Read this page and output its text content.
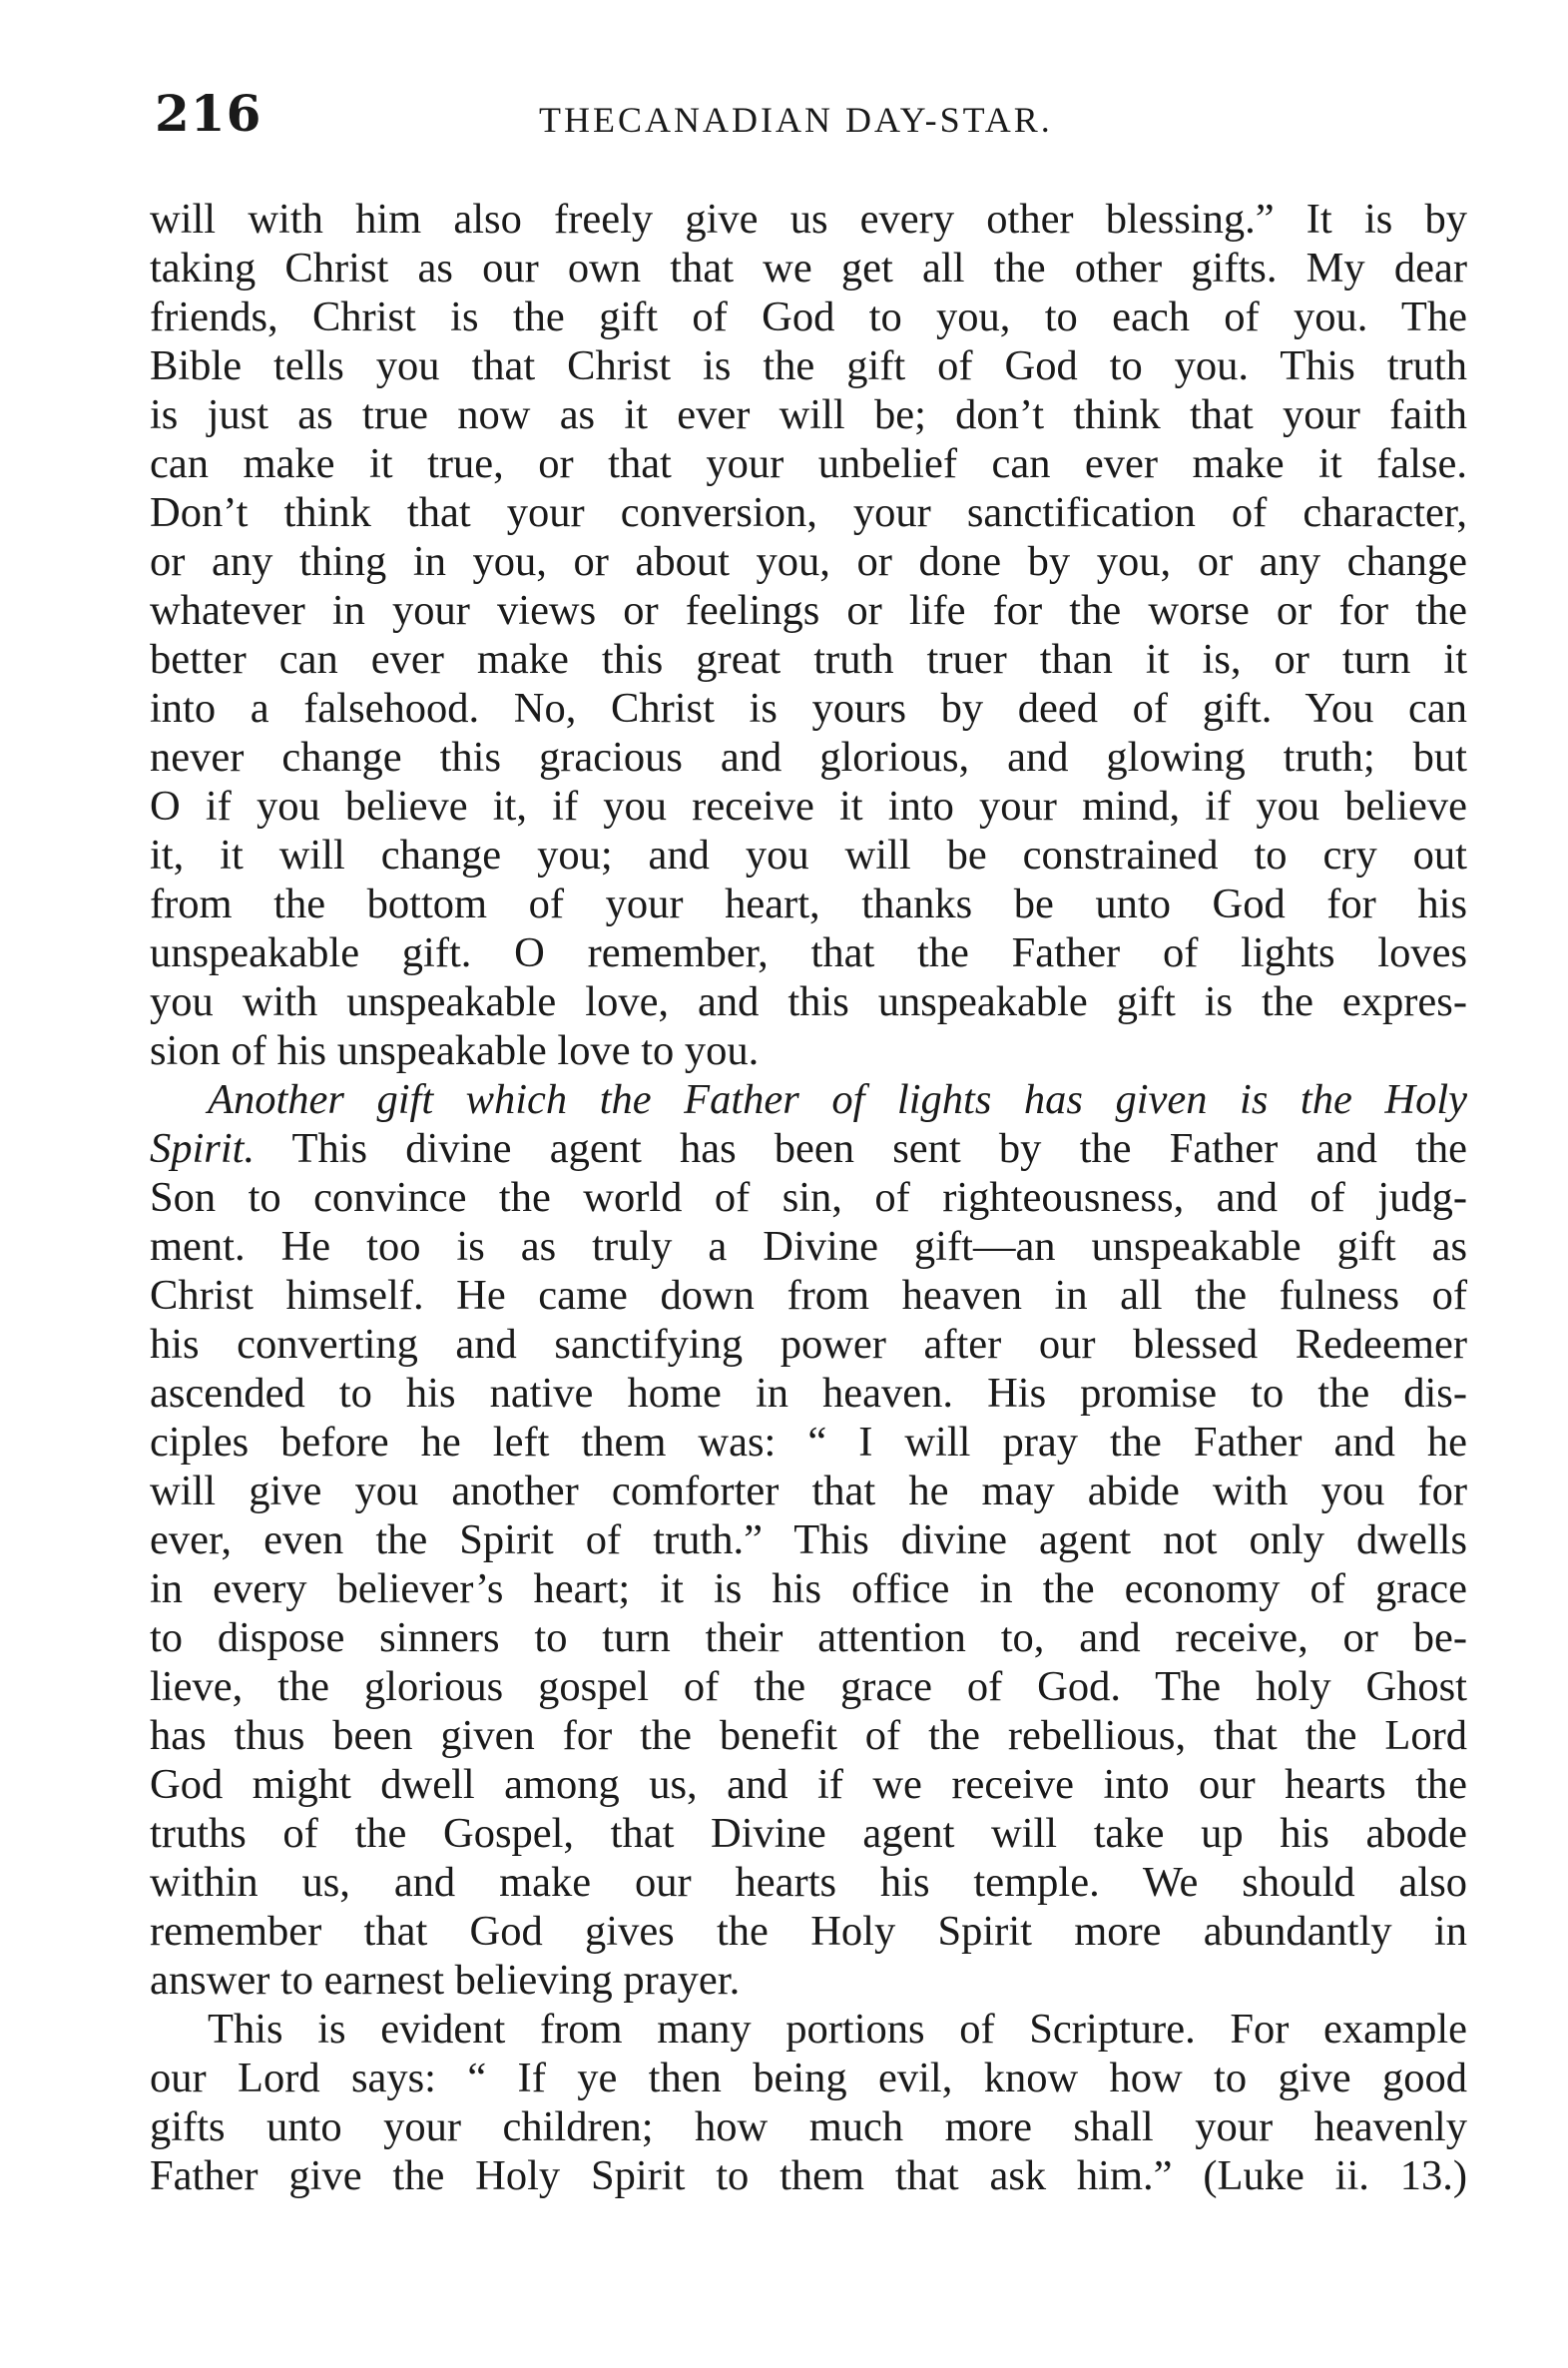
216	THECANADIAN DAY-STAR.

will with him also freely give us every other blessing.” It is by
taking Christ as our own that we get all the other gifts. My dear
friends, Christ is the gift of God to you, to each of you. The
Bible tells you that Christ is the gift of God to you. This truth
is just as true now as it ever will be; don’t think that your faith
can make it true, or that your unbelief can ever make it false.
Don’t think that your conversion, your sanctification of character,
or any thing in you, or about you, or done by you, or any change
whatever in your views or feelings or life for the worse or for the
better can ever make this great truth truer than it is, or turn it
into a falsehood. No, Christ is yours by deed of gift. You can
never change this gracious and glorious, and glowing truth; but
O if you believe it, if you receive it into your mind, if you believe
it, it will change you; and you will be constrained to cry out
from the bottom of your heart, thanks be unto God for his
unspeakable gift. O remember, that the Father of lights loves
you with unspeakable love, and this unspeakable gift is the expres-
sion of his unspeakable love to you.

Another gift which the Father of lights has given is the Holy
Spirit. This divine agent has been sent by the Father and the
Son to convince the world of sin, of righteousness, and of judg-
ment. He too is as truly a Divine gift—an unspeakable gift as
Christ himself. He came down from heaven in all the fulness of
his converting and sanctifying power after our blessed Redeemer
ascended to his native home in heaven. His promise to the dis-
ciples before he left them was: “ I will pray the Father and he
will give you another comforter that he may abide with you for
ever, even the Spirit of truth.” This divine agent not only dwells
in every believer’s heart; it is his office in the economy of grace
to dispose sinners to turn their attention to, and receive, or be-
lieve, the glorious gospel of the grace of God. The holy Ghost
has thus been given for the benefit of the rebellious, that the Lord
God might dwell among us, and if we receive into our hearts the
truths of the Gospel, that Divine agent will take up his abode
within us, and make our hearts his temple. We should also
remember that God gives the Holy Spirit more abundantly in
answer to earnest believing prayer.

This is evident from many portions of Scripture. For example
our Lord says: “ If ye then being evil, know how to give good
gifts unto your children; how much more shall your heavenly
Father give the Holy Spirit to them that ask him.” (Luke ii. 13.)
